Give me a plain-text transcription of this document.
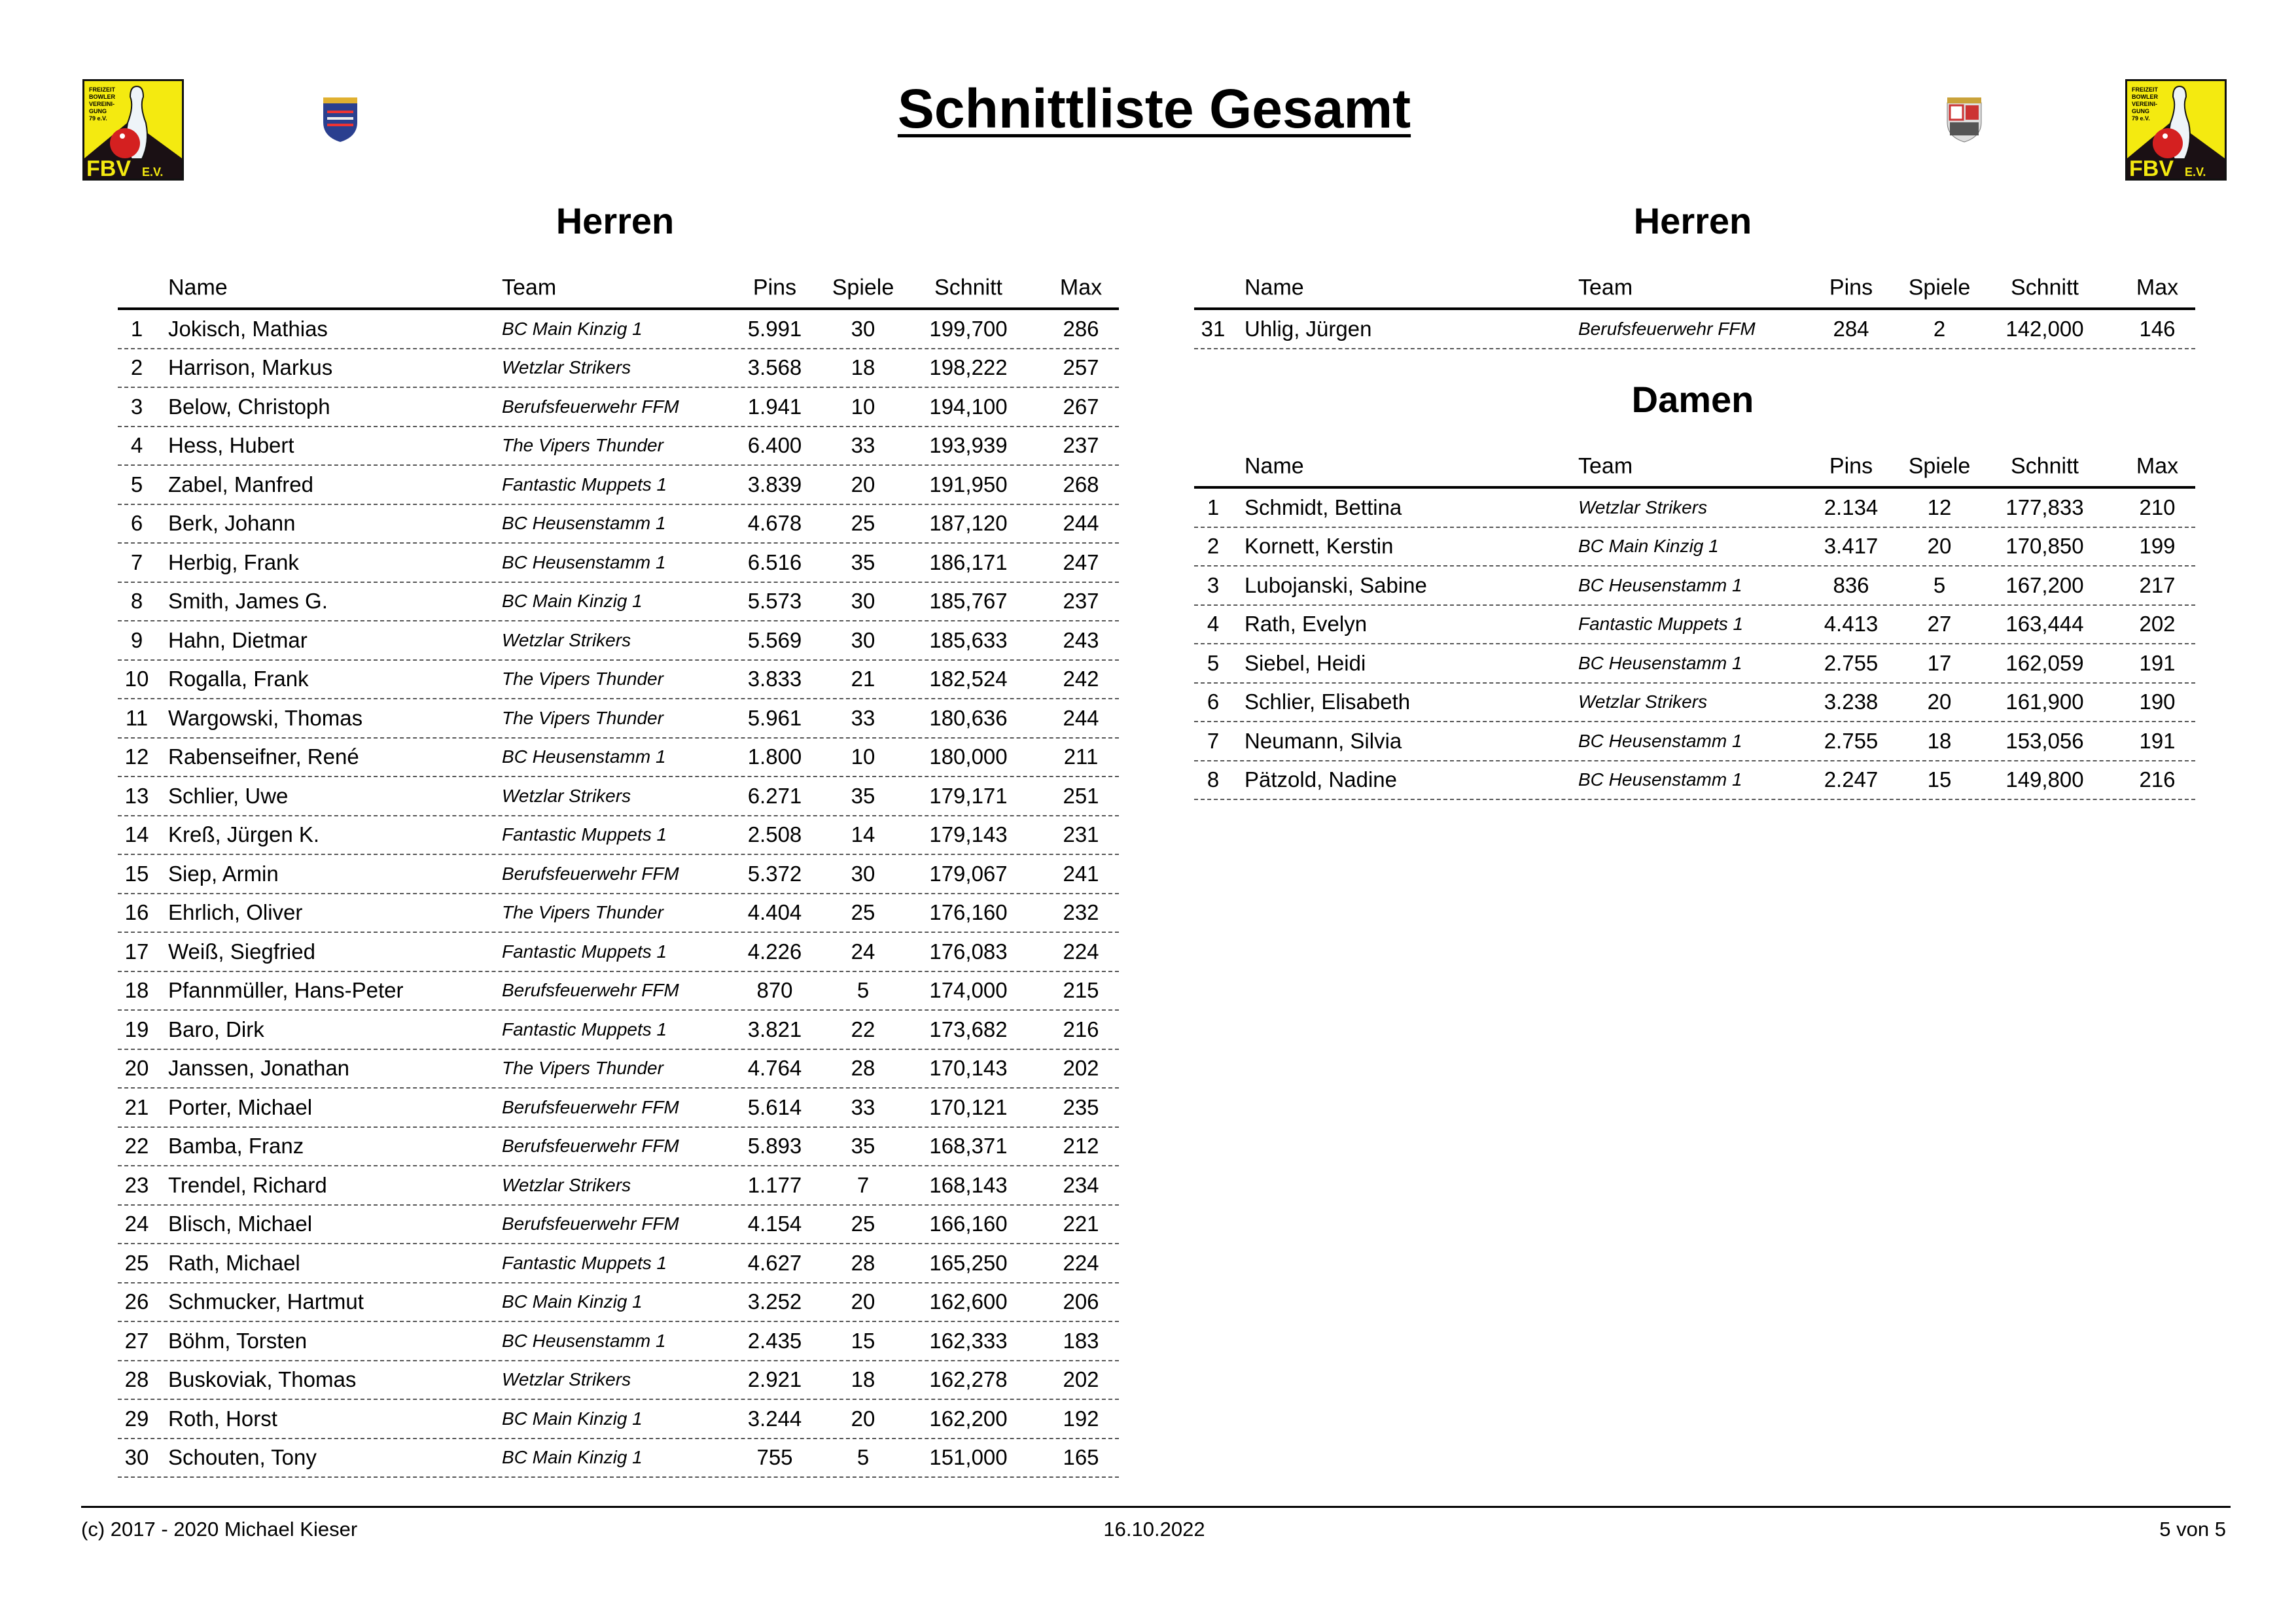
FREIZEIT
BOWLER
VEREINI-
GUNG
79 e.V.
FBV E.V.
FREIZEIT
BOWLER
VEREINI-
GUNG
79 e.V.
FBV E.V.
Schnittliste Gesamt
Herren	Herren
Damen
Name	Team	Pins	Spiele	Schnitt	Max
1	Jokisch, Mathias	BC Main Kinzig 1	5.991	30	199,700	286
2	Harrison, Markus	Wetzlar Strikers	3.568	18	198,222	257
3	Below, Christoph	Berufsfeuerwehr FFM	1.941	10	194,100	267
4	Hess, Hubert	The Vipers Thunder	6.400	33	193,939	237
5	Zabel, Manfred	Fantastic Muppets 1	3.839	20	191,950	268
6	Berk, Johann	BC Heusenstamm 1	4.678	25	187,120	244
7	Herbig, Frank	BC Heusenstamm 1	6.516	35	186,171	247
8	Smith, James G.	BC Main Kinzig 1	5.573	30	185,767	237
9	Hahn, Dietmar	Wetzlar Strikers	5.569	30	185,633	243
10 Rogalla, Frank	The Vipers Thunder	3.833	21	182,524	242
11 Wargowski, Thomas	The Vipers Thunder	5.961	33	180,636	244
12 Rabenseifner, René	BC Heusenstamm 1	1.800	10	180,000	211
13 Schlier, Uwe	Wetzlar Strikers	6.271	35	179,171	251
14 Kreß, Jürgen K.	Fantastic Muppets 1	2.508	14	179,143	231
15 Siep, Armin	Berufsfeuerwehr FFM	5.372	30	179,067	241
16 Ehrlich, Oliver	The Vipers Thunder	4.404	25	176,160	232
17 Weiß, Siegfried	Fantastic Muppets 1	4.226	24	176,083	224
18 Pfannmüller, Hans-Peter	Berufsfeuerwehr FFM	870	5	174,000	215
19 Baro, Dirk	Fantastic Muppets 1	3.821	22	173,682	216
20 Janssen, Jonathan	The Vipers Thunder	4.764	28	170,143	202
21 Porter, Michael	Berufsfeuerwehr FFM	5.614	33	170,121	235
22 Bamba, Franz	Berufsfeuerwehr FFM	5.893	35	168,371	212
23 Trendel, Richard	Wetzlar Strikers	1.177	7	168,143	234
24 Blisch, Michael	Berufsfeuerwehr FFM	4.154	25	166,160	221
25 Rath, Michael	Fantastic Muppets 1	4.627	28	165,250	224
26 Schmucker, Hartmut	BC Main Kinzig 1	3.252	20	162,600	206
27 Böhm, Torsten	BC Heusenstamm 1	2.435	15	162,333	183
28 Buskoviak, Thomas	Wetzlar Strikers	2.921	18	162,278	202
29 Roth, Horst	BC Main Kinzig 1	3.244	20	162,200	192
30 Schouten, Tony	BC Main Kinzig 1	755	5	151,000	165
Name	Team	Pins	Spiele	Schnitt	Max
31 Uhlig, Jürgen	Berufsfeuerwehr FFM	284	2	142,000	146
Name	Team	Pins	Spiele	Schnitt	Max
1	Schmidt, Bettina	Wetzlar Strikers	2.134	12	177,833	210
2	Kornett, Kerstin	BC Main Kinzig 1	3.417	20	170,850	199
3	Lubojanski, Sabine	BC Heusenstamm 1	836	5	167,200	217
4	Rath, Evelyn	Fantastic Muppets 1	4.413	27	163,444	202
5	Siebel, Heidi	BC Heusenstamm 1	2.755	17	162,059	191
6	Schlier, Elisabeth	Wetzlar Strikers	3.238	20	161,900	190
7	Neumann, Silvia	BC Heusenstamm 1	2.755	18	153,056	191
8	Pätzold, Nadine	BC Heusenstamm 1	2.247	15	149,800	216
(c) 2017 - 2020 Michael Kieser	16.10.2022	5 von 5
